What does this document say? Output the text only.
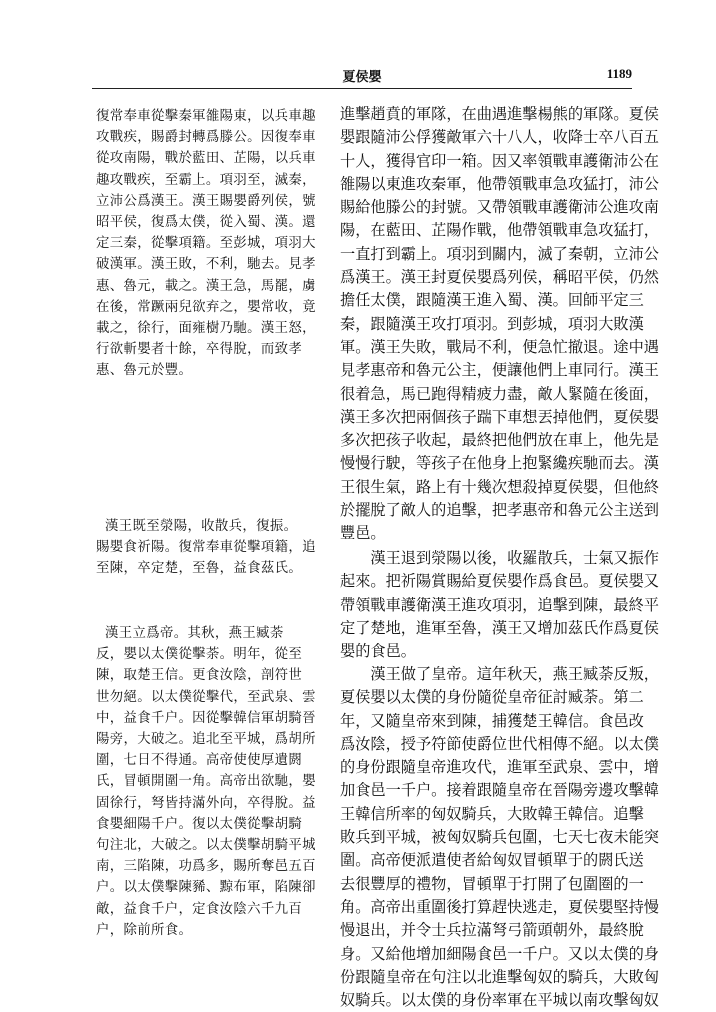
夏侯嬰	1189

復常奉車從擊秦軍雒陽東，以兵車趣
攻戰疾，賜爵封轉爲滕公。因復奉車
從攻南陽，戰於藍田、芷陽，以兵車
趣攻戰疾，至霸上。項羽至，滅秦，
立沛公爲漢王。漢王賜嬰爵列侯，號
昭平侯，復爲太僕，從入蜀、漢。還
定三秦，從擊項籍。至彭城，項羽大
破漢軍。漢王敗，不利，馳去。見孝
惠、魯元，載之。漢王急，馬罷，虜
在後，常蹶兩兒欲弃之，嬰常收，竟
載之，徐行，面雍樹乃馳。漢王怒，
行欲斬嬰者十餘，卒得脫，而致孝
惠、魯元於豐。

漢王既至滎陽，收散兵，復振。
賜嬰食祈陽。復常奉車從擊項籍，追
至陳，卒定楚，至魯，益食茲氏。

漢王立爲帝。其秋，燕王臧荼
反，嬰以太僕從擊荼。明年，從至
陳，取楚王信。更食汝陰，剖符世
世勿絕。以太僕從擊代，至武泉、雲
中，益食千户。因從擊韓信軍胡騎晉
陽旁，大破之。追北至平城，爲胡所
圍，七日不得通。高帝使使厚遺閼
氏，冒頓開圍一角。高帝出欲馳，嬰
固徐行，弩皆持滿外向，卒得脫。益
食嬰細陽千户。復以太僕從擊胡騎
句注北，大破之。以太僕擊胡騎平城
南，三陷陳，功爲多，賜所奪邑五百
户。以太僕擊陳豨、黥布軍，陷陳卻
敵，益食千户，定食汝陰六千九百
户，除前所食。

進擊趙賁的軍隊，在曲遇進擊楊熊的軍隊。夏侯
嬰跟隨沛公俘獲敵軍六十八人，收降士卒八百五
十人，獲得官印一箱。因又率領戰車護衛沛公在
雒陽以東進攻秦軍，他帶領戰車急攻猛打，沛公
賜給他滕公的封號。又帶領戰車護衛沛公進攻南
陽，在藍田、芷陽作戰，他帶領戰車急攻猛打，
一直打到霸上。項羽到關内，滅了秦朝，立沛公
爲漢王。漢王封夏侯嬰爲列侯，稱昭平侯，仍然
擔任太僕，跟隨漢王進入蜀、漢。回師平定三
秦，跟隨漢王攻打項羽。到彭城，項羽大敗漢
軍。漢王失敗，戰局不利，便急忙撤退。途中遇
見孝惠帝和魯元公主，便讓他們上車同行。漢王
很着急，馬已跑得精疲力盡，敵人緊隨在後面，
漢王多次把兩個孩子踹下車想丟掉他們，夏侯嬰
多次把孩子收起，最終把他們放在車上，他先是
慢慢行駛，等孩子在他身上抱緊纔疾馳而去。漢
王很生氣，路上有十幾次想殺掉夏侯嬰，但他終
於擺脫了敵人的追擊，把孝惠帝和魯元公主送到
豐邑。

　　漢王退到滎陽以後，收羅散兵，士氣又振作
起來。把祈陽賞賜給夏侯嬰作爲食邑。夏侯嬰又
帶領戰車護衛漢王進攻項羽，追擊到陳，最終平
定了楚地，進軍至魯，漢王又增加茲氏作爲夏侯
嬰的食邑。

　　漢王做了皇帝。這年秋天，燕王臧荼反叛，
夏侯嬰以太僕的身份隨從皇帝征討臧荼。第二
年，又隨皇帝來到陳，捕獲楚王韓信。食邑改
爲汝陰，授予符節使爵位世代相傳不絕。以太僕
的身份跟隨皇帝進攻代，進軍至武泉、雲中，增
加食邑一千户。接着跟隨皇帝在晉陽旁邊攻擊韓
王韓信所率的匈奴騎兵，大敗韓王韓信。追擊
敗兵到平城，被匈奴騎兵包圍，七天七夜未能突
圍。高帝便派遣使者給匈奴冒頓單于的閼氏送
去很豐厚的禮物，冒頓單于打開了包圍圈的一
角。高帝出重圍後打算趕快逃走，夏侯嬰堅持慢
慢退出，并令士兵拉滿弩弓箭頭朝外，最終脫
身。又給他增加細陽食邑一千户。又以太僕的身
份跟隨皇帝在句注以北進擊匈奴的騎兵，大敗匈
奴騎兵。以太僕的身份率軍在平城以南攻擊匈奴
